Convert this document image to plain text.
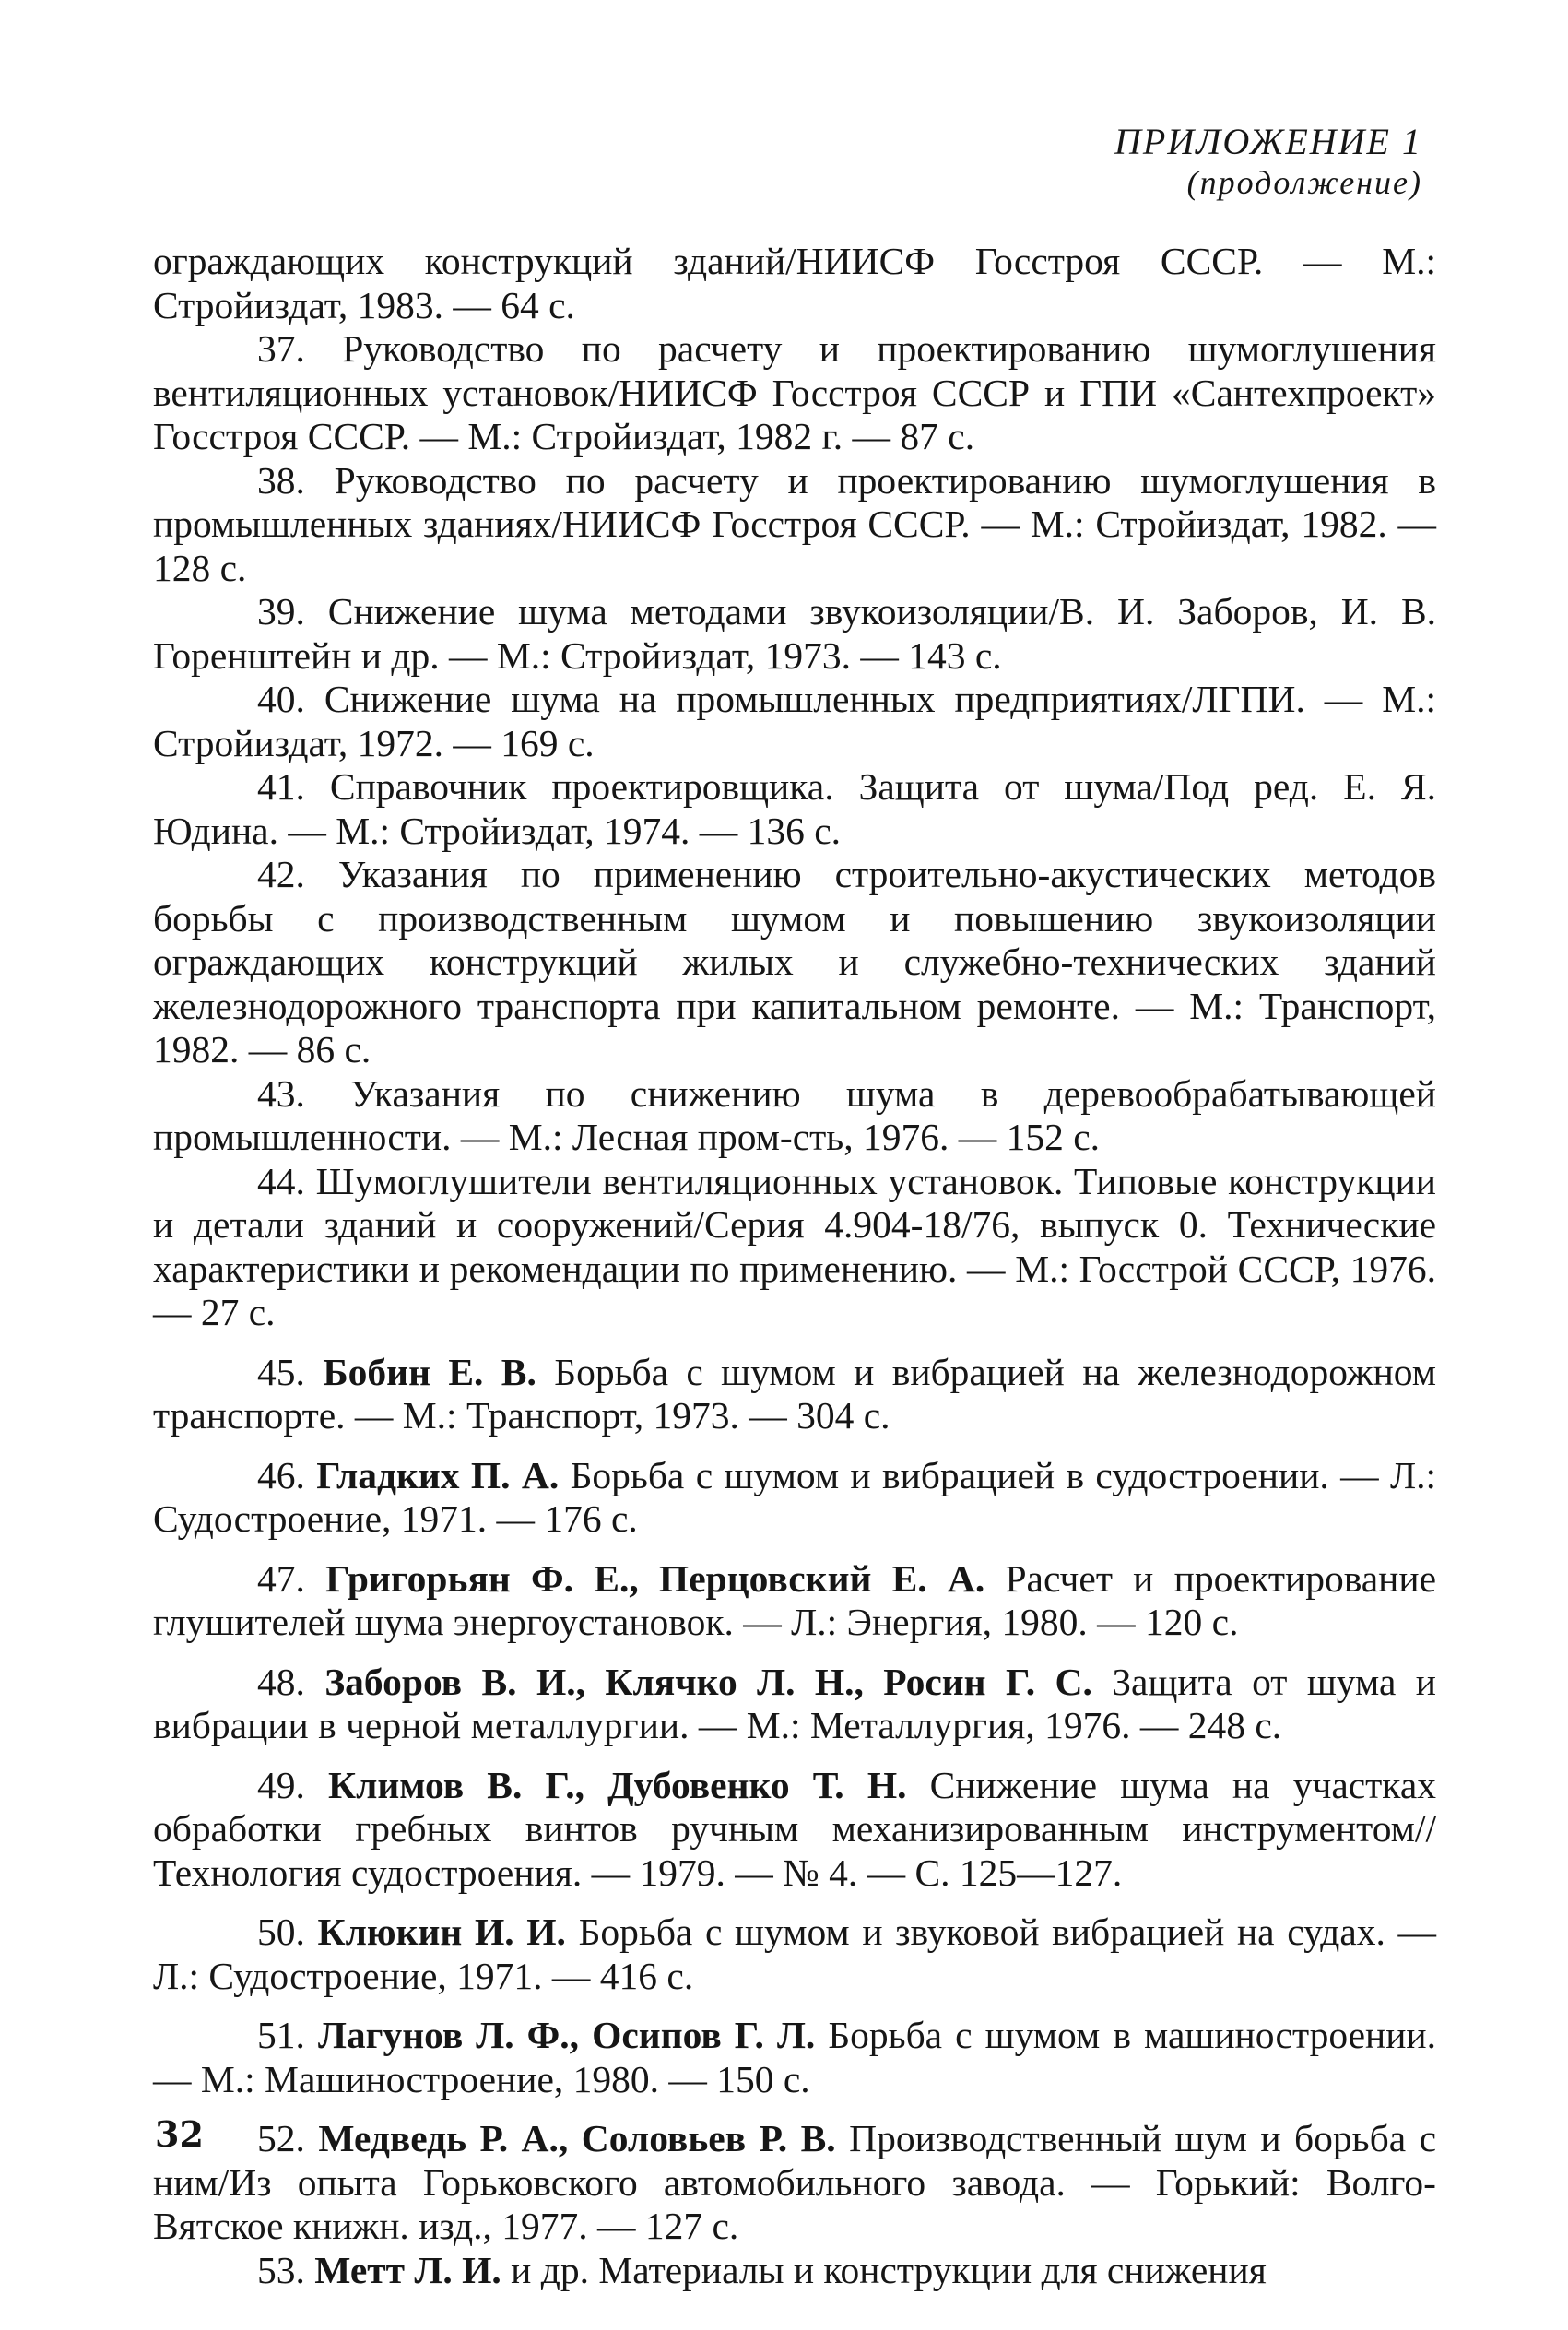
ПРИЛОЖЕНИЕ 1
(продолжение)

ограждающих конструкций зданий/НИИСФ Госстроя СССР. — М.: Стройиздат, 1983. — 64 с.

37. Руководство по расчету и проектированию шумоглушения вентиляционных установок/НИИСФ Госстроя СССР и ГПИ «Сантехпроект» Госстроя СССР. — М.: Стройиздат, 1982 г. — 87 с.

38. Руководство по расчету и проектированию шумоглушения в промышленных зданиях/НИИСФ Госстроя СССР. — М.: Стройиздат, 1982. — 128 с.

39. Снижение шума методами звукоизоляции/В. И. Заборов, И. В. Горенштейн и др. — М.: Стройиздат, 1973. — 143 с.

40. Снижение шума на промышленных предприятиях/ЛГПИ. — М.: Стройиздат, 1972. — 169 с.

41. Справочник проектировщика. Защита от шума/Под ред. Е. Я. Юдина. — М.: Стройиздат, 1974. — 136 с.

42. Указания по применению строительно-акустических методов борьбы с производственным шумом и повышению звукоизоляции ограждающих конструкций жилых и служебно-технических зданий железнодорожного транспорта при капитальном ремонте. — М.: Транспорт, 1982. — 86 с.

43. Указания по снижению шума в деревообрабатывающей промышленности. — М.: Лесная пром-сть, 1976. — 152 с.

44. Шумоглушители вентиляционных установок. Типовые конструкции и детали зданий и сооружений/Серия 4.904-18/76, выпуск 0. Технические характеристики и рекомендации по применению. — М.: Госстрой СССР, 1976. — 27 с.

45. Бобин Е. В. Борьба с шумом и вибрацией на железнодорожном транспорте. — М.: Транспорт, 1973. — 304 с.

46. Гладких П. А. Борьба с шумом и вибрацией в судостроении. — Л.: Судостроение, 1971. — 176 с.

47. Григорьян Ф. Е., Перцовский Е. А. Расчет и проектирование глушителей шума энергоустановок. — Л.: Энергия, 1980. — 120 с.

48. Заборов В. И., Клячко Л. Н., Росин Г. С. Защита от шума и вибрации в черной металлургии. — М.: Металлургия, 1976. — 248 с.

49. Климов В. Г., Дубовенко Т. Н. Снижение шума на участках обработки гребных винтов ручным механизированным инструментом//Технология судостроения. — 1979. — № 4. — С. 125—127.

50. Клюкин И. И. Борьба с шумом и звуковой вибрацией на судах. — Л.: Судостроение, 1971. — 416 с.

51. Лагунов Л. Ф., Осипов Г. Л. Борьба с шумом в машиностроении. — М.: Машиностроение, 1980. — 150 с.

52. Медведь Р. А., Соловьев Р. В. Производственный шум и борьба с ним/Из опыта Горьковского автомобильного завода. — Горький: Волго-Вятское книжн. изд., 1977. — 127 с.

53. Метт Л. И. и др. Материалы и конструкции для снижения

32
